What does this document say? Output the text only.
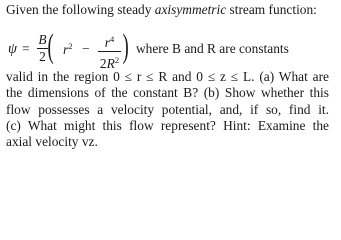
Given the following steady axisymmetric stream function:
ψ =
B
2 ( $r^2 - r^4$
$2R^2$ ) where B and R are constants
valid in the region 0 ≤ r ≤ R and 0 ≤ z ≤ L. (a) What are
the dimensions of the constant B? (b) Show whether this
flow possesses a velocity potential, and, if so, find it.
(c) What might this flow represent? Hint: Examine the
axial velocity vz.
